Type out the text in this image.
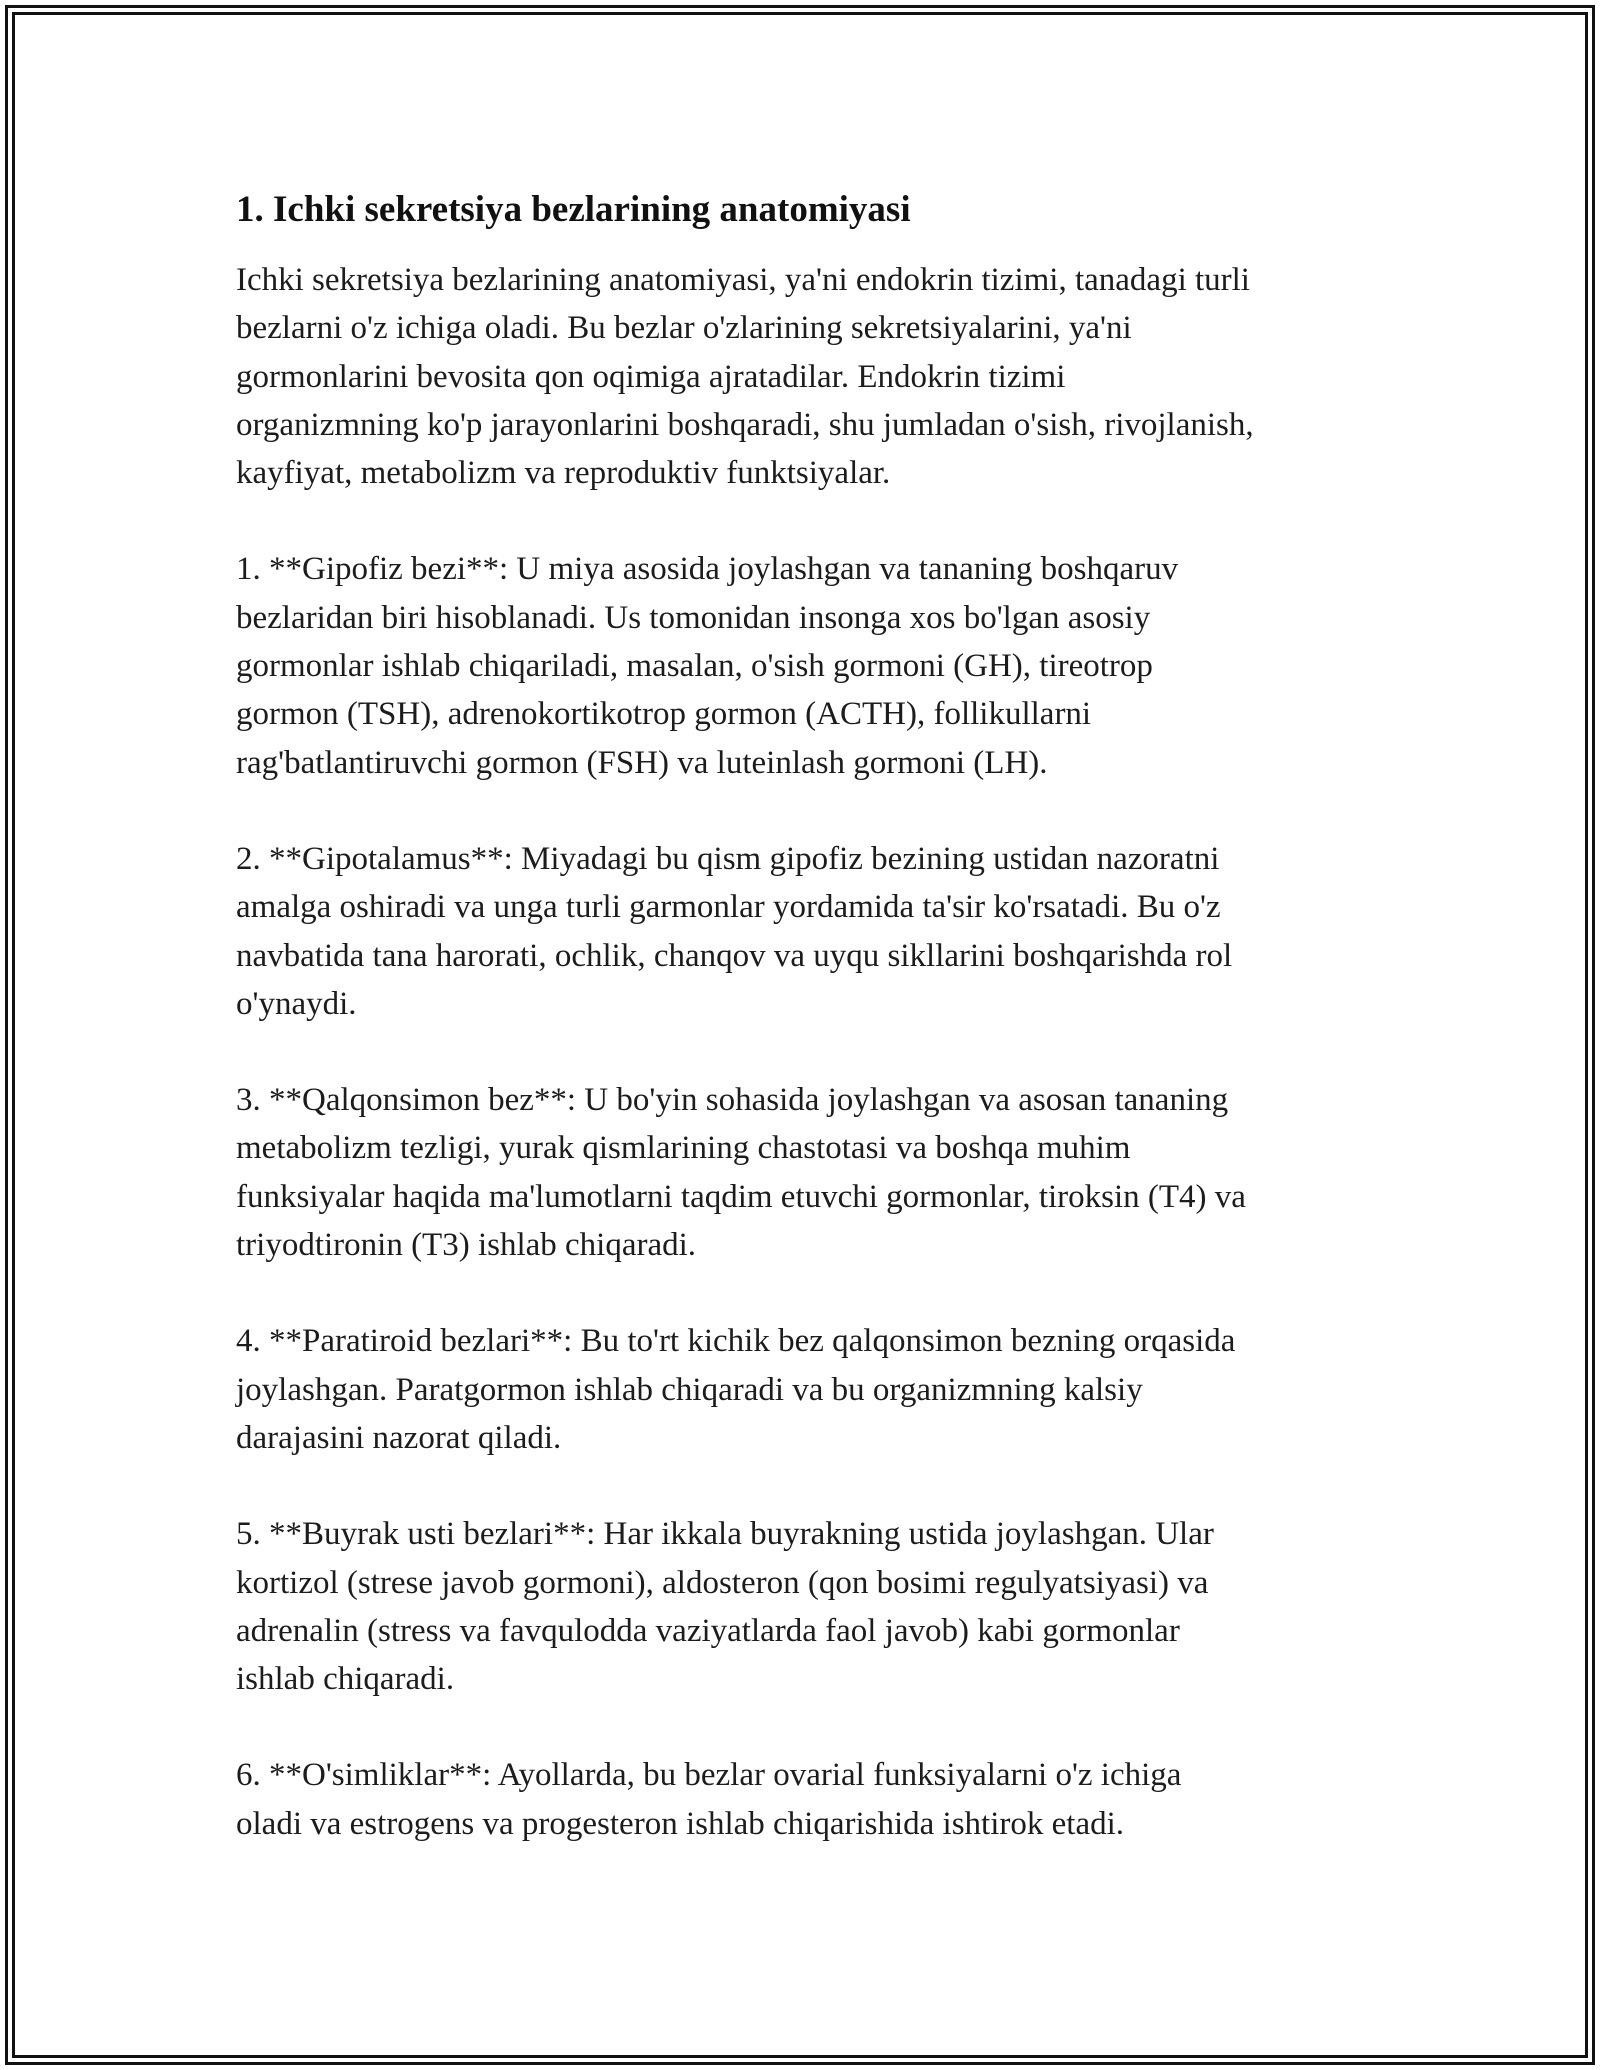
1. Ichki sekretsiya bezlarining anatomiyasi

Ichki sekretsiya bezlarining anatomiyasi, ya'ni endokrin tizimi, tanadagi turli
bezlarni o'z ichiga oladi. Bu bezlar o'zlarining sekretsiyalarini, ya'ni
gormonlarini bevosita qon oqimiga ajratadilar. Endokrin tizimi
organizmning ko'p jarayonlarini boshqaradi, shu jumladan o'sish, rivojlanish,
kayfiyat, metabolizm va reproduktiv funktsiyalar.

1. **Gipofiz bezi**: U miya asosida joylashgan va tananing boshqaruv
bezlaridan biri hisoblanadi. Us tomonidan insonga xos bo'lgan asosiy
gormonlar ishlab chiqariladi, masalan, o'sish gormoni (GH), tireotrop
gormon (TSH), adrenokortikotrop gormon (ACTH), follikullarni
rag'batlantiruvchi gormon (FSH) va luteinlash gormoni (LH).

2. **Gipotalamus**: Miyadagi bu qism gipofiz bezining ustidan nazoratni
amalga oshiradi va unga turli garmonlar yordamida ta'sir ko'rsatadi. Bu o'z
navbatida tana harorati, ochlik, chanqov va uyqu sikllarini boshqarishda rol
o'ynaydi.

3. **Qalqonsimon bez**: U bo'yin sohasida joylashgan va asosan tananing
metabolizm tezligi, yurak qismlarining chastotasi va boshqa muhim
funksiyalar haqida ma'lumotlarni taqdim etuvchi gormonlar, tiroksin (T4) va
triyodtironin (T3) ishlab chiqaradi.

4. **Paratiroid bezlari**: Bu to'rt kichik bez qalqonsimon bezning orqasida
joylashgan. Paratgormon ishlab chiqaradi va bu organizmning kalsiy
darajasini nazorat qiladi.

5. **Buyrak usti bezlari**: Har ikkala buyrakning ustida joylashgan. Ular
kortizol (strese javob gormoni), aldosteron (qon bosimi regulyatsiyasi) va
adrenalin (stress va favqulodda vaziyatlarda faol javob) kabi gormonlar
ishlab chiqaradi.

6. **O'simliklar**: Ayollarda, bu bezlar ovarial funksiyalarni o'z ichiga
oladi va estrogens va progesteron ishlab chiqarishida ishtirok etadi.
